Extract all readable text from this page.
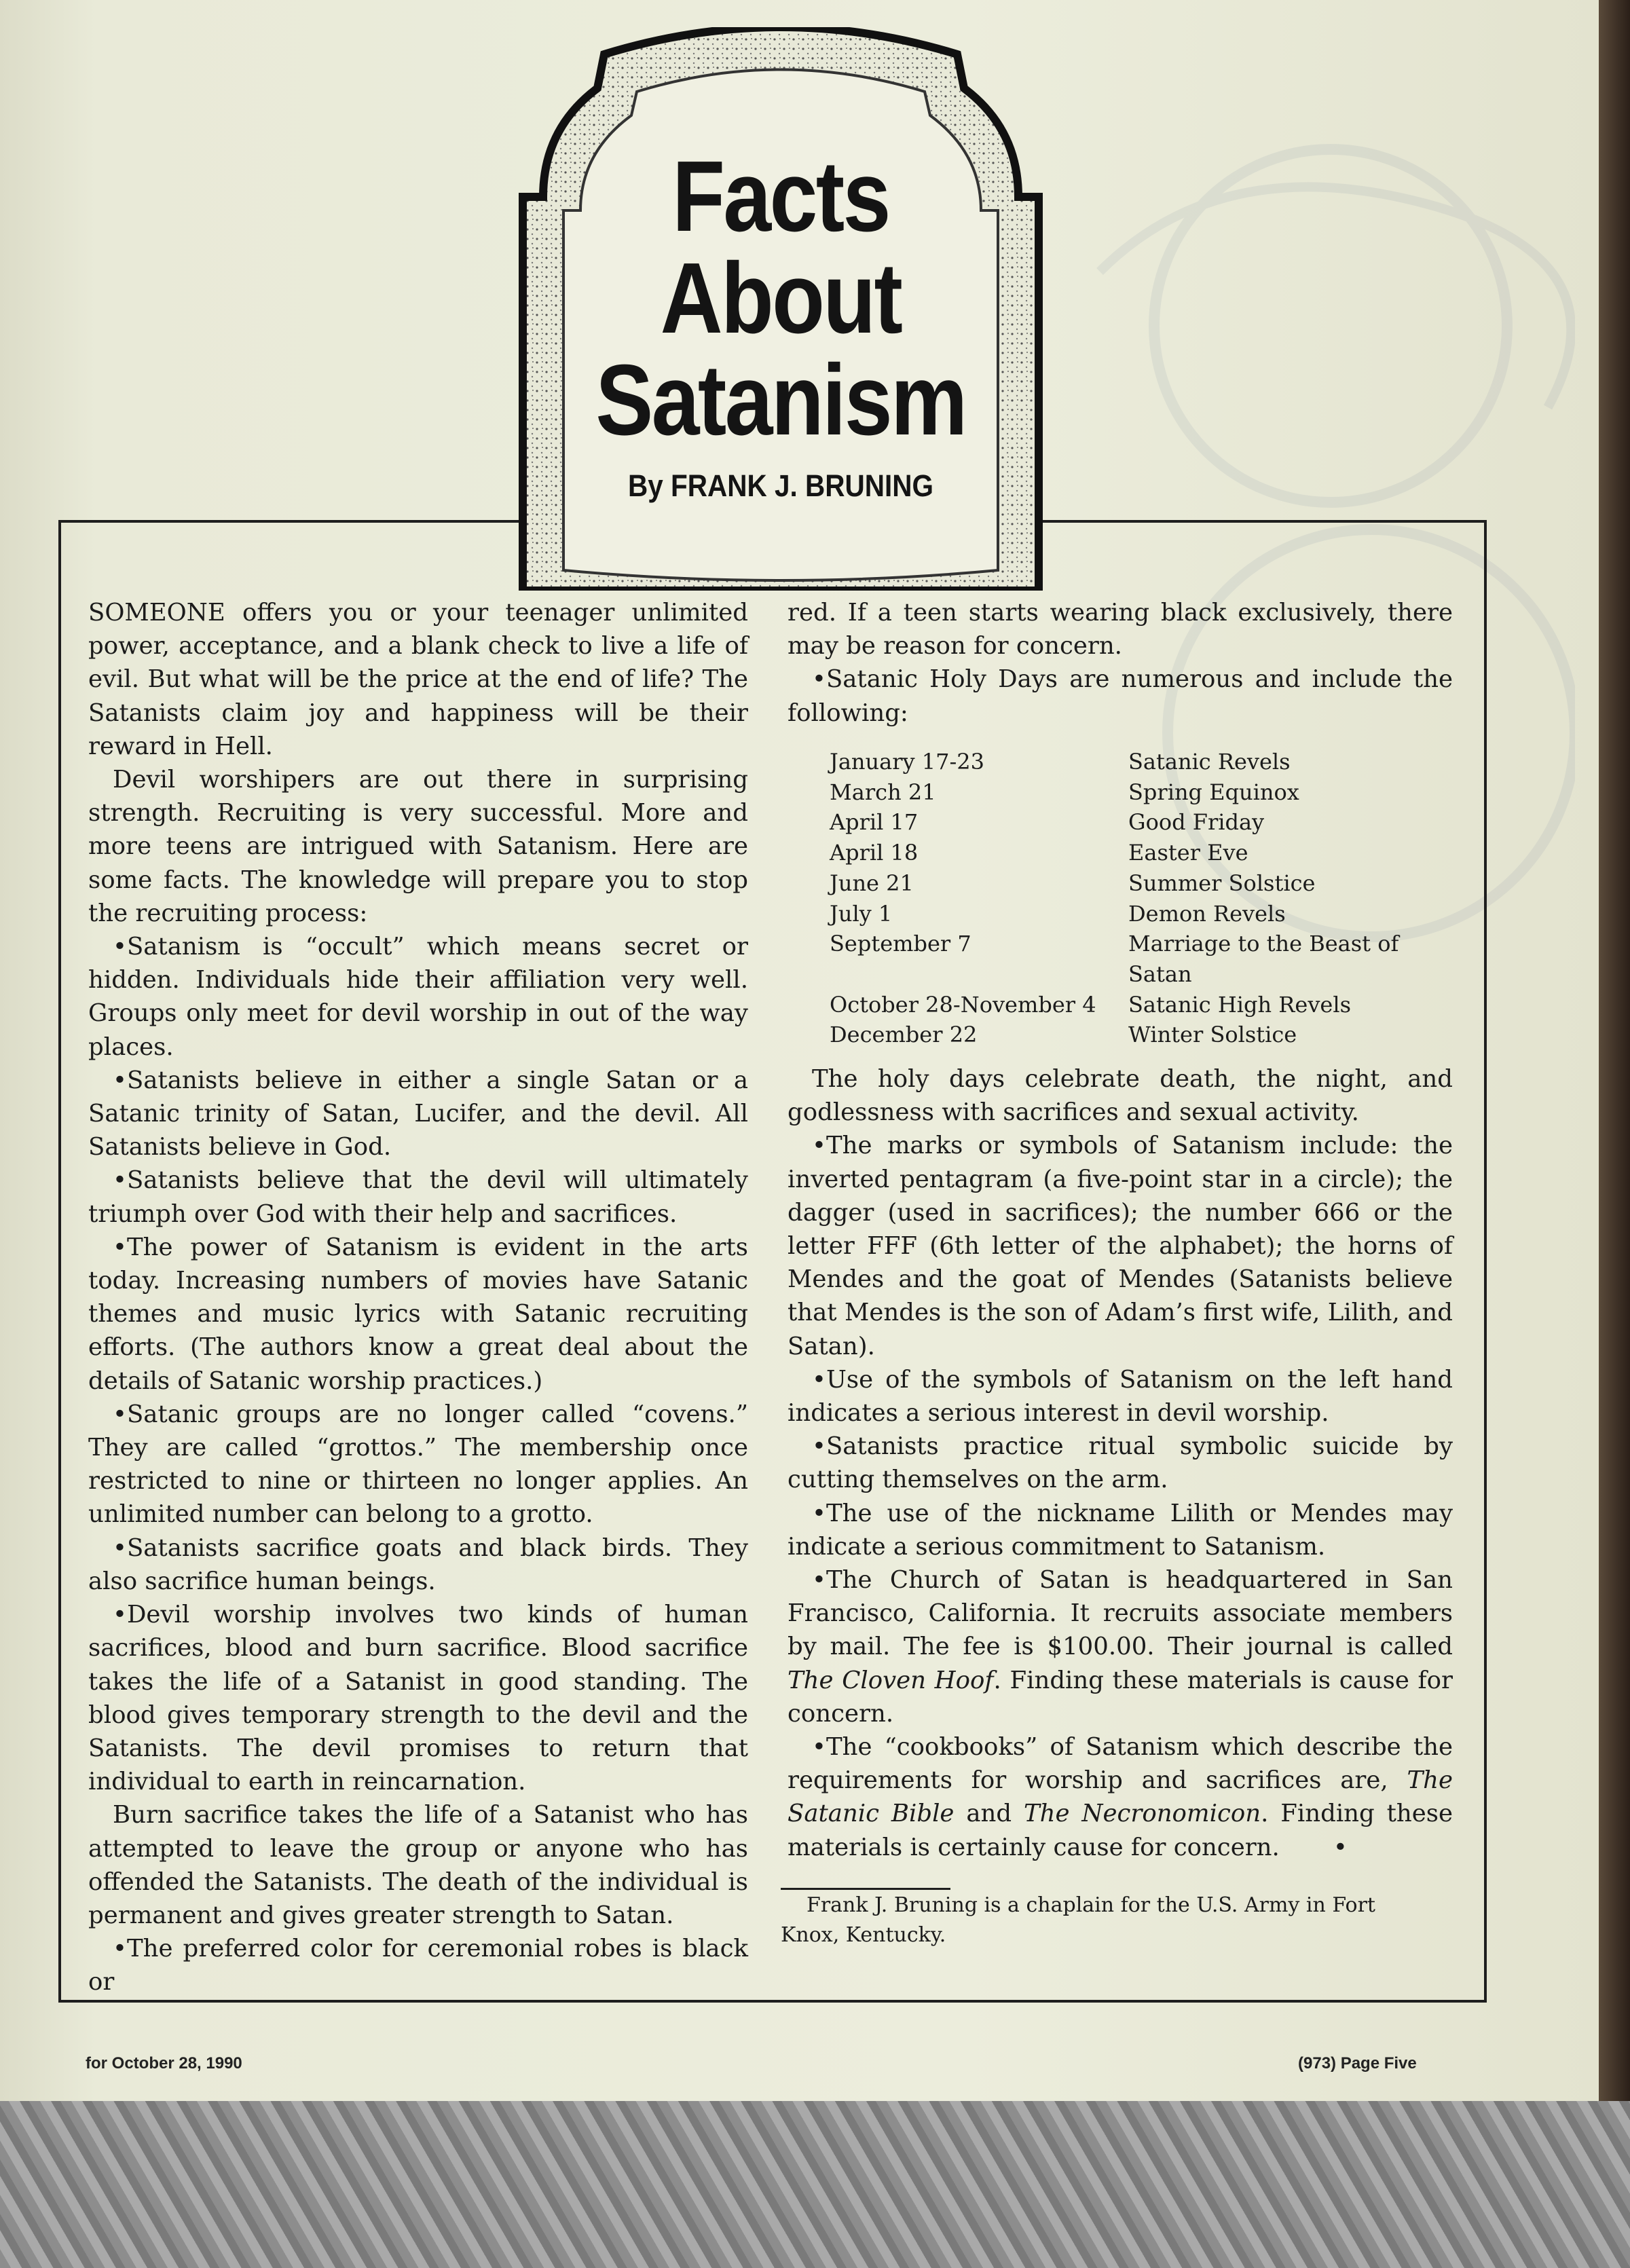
Facts
About
Satanism
By FRANK J. BRUNING

SOMEONE offers you or your teenager unlimited power, acceptance, and a blank check to live a life of evil. But what will be the price at the end of life? The Satanists claim joy and happiness will be their reward in Hell.

Devil worshipers are out there in surprising strength. Recruiting is very successful. More and more teens are intrigued with Satanism. Here are some facts. The knowledge will prepare you to stop the recruiting process:

•Satanism is “occult” which means secret or hidden. Individuals hide their affiliation very well. Groups only meet for devil worship in out of the way places.

•Satanists believe in either a single Satan or a Satanic trinity of Satan, Lucifer, and the devil. All Satanists believe in God.

•Satanists believe that the devil will ultimately triumph over God with their help and sacrifices.

•The power of Satanism is evident in the arts today. Increasing numbers of movies have Satanic themes and music lyrics with Satanic recruiting efforts. (The authors know a great deal about the details of Satanic worship practices.)

•Satanic groups are no longer called “covens.” They are called “grottos.” The membership once restricted to nine or thirteen no longer applies. An unlimited number can belong to a grotto.

•Satanists sacrifice goats and black birds. They also sacrifice human beings.

•Devil worship involves two kinds of human sacrifices, blood and burn sacrifice. Blood sacrifice takes the life of a Satanist in good standing. The blood gives temporary strength to the devil and the Satanists. The devil promises to return that individual to earth in reincarnation.

Burn sacrifice takes the life of a Satanist who has attempted to leave the group or anyone who has offended the Satanists. The death of the individual is permanent and gives greater strength to Satan.

•The preferred color for ceremonial robes is black or

red. If a teen starts wearing black exclusively, there may be reason for concern.

•Satanic Holy Days are numerous and include the following:

January 17-23	Satanic Revels
March 21	Spring Equinox
April 17	Good Friday
April 18	Easter Eve
June 21	Summer Solstice
July 1	Demon Revels
September 7	Marriage to the Beast of Satan
October 28-November 4	Satanic High Revels
December 22	Winter Solstice

The holy days celebrate death, the night, and godlessness with sacrifices and sexual activity.

•The marks or symbols of Satanism include: the inverted pentagram (a five-point star in a circle); the dagger (used in sacrifices); the number 666 or the letter FFF (6th letter of the alphabet); the horns of Mendes and the goat of Mendes (Satanists believe that Mendes is the son of Adam’s first wife, Lilith, and Satan).

•Use of the symbols of Satanism on the left hand indicates a serious interest in devil worship.

•Satanists practice ritual symbolic suicide by cutting themselves on the arm.

•The use of the nickname Lilith or Mendes may indicate a serious commitment to Satanism.

•The Church of Satan is headquartered in San Francisco, California. It recruits associate members by mail. The fee is $100.00. Their journal is called The Cloven Hoof. Finding these materials is cause for concern.

•The “cookbooks” of Satanism which describe the requirements for worship and sacrifices are, The Satanic Bible and The Necronomicon. Finding these materials is certainly cause for concern. •

Frank J. Bruning is a chaplain for the U.S. Army in Fort Knox, Kentucky.
for October 28, 1990	(973) Page Five
